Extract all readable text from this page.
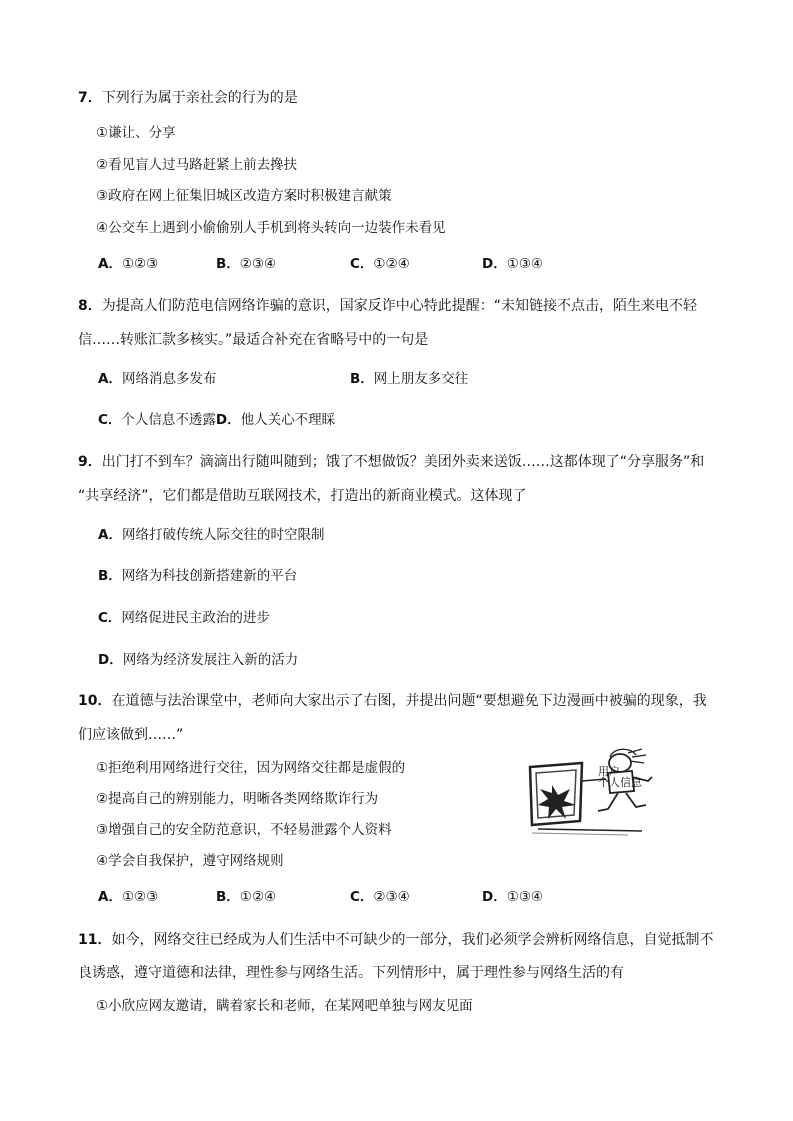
7．下列行为属于亲社会的行为的是
①谦让、分享
②看见盲人过马路赶紧上前去搀扶
③政府在网上征集旧城区改造方案时积极建言献策
④公交车上遇到小偷偷别人手机到将头转向一边装作未看见
A．①②③	B．②③④	C．①②④	D．①③④
8．为提高人们防范电信网络诈骗的意识，国家反诈中心特此提醒：“未知链接不点击，陌生来电不轻
信……转账汇款多核实。”最适合补充在省略号中的一句是
A．网络消息多发布	B．网上朋友多交往
C．个人信息不透露D．他人关心不理睬
9．出门打不到车？滴滴出行随叫随到；饿了不想做饭？美团外卖来送饭……这都体现了“分享服务”和
“共享经济”，它们都是借助互联网技术，打造出的新商业模式。这体现了
A．网络打破传统人际交往的时空限制
B．网络为科技创新搭建新的平台
C．网络促进民主政治的进步
D．网络为经济发展注入新的活力
10．在道德与法治课堂中，老师向大家出示了右图，并提出问题“要想避免下边漫画中被骗的现象，我
们应该做到……”
①拒绝利用网络进行交往，因为网络交往都是虚假的
②提高自己的辨别能力，明晰各类网络欺诈行为
③增强自己的安全防范意识，不轻易泄露个人资料
④学会自我保护，遵守网络规则
用户
个人信息
A．①②③	B．①②④	C．②③④	D．①③④
11．如今，网络交往已经成为人们生活中不可缺少的一部分，我们必须学会辨析网络信息，自觉抵制不
良诱惑，遵守道德和法律，理性参与网络生活。下列情形中，属于理性参与网络生活的有
①小欣应网友邀请，瞒着家长和老师，在某网吧单独与网友见面
